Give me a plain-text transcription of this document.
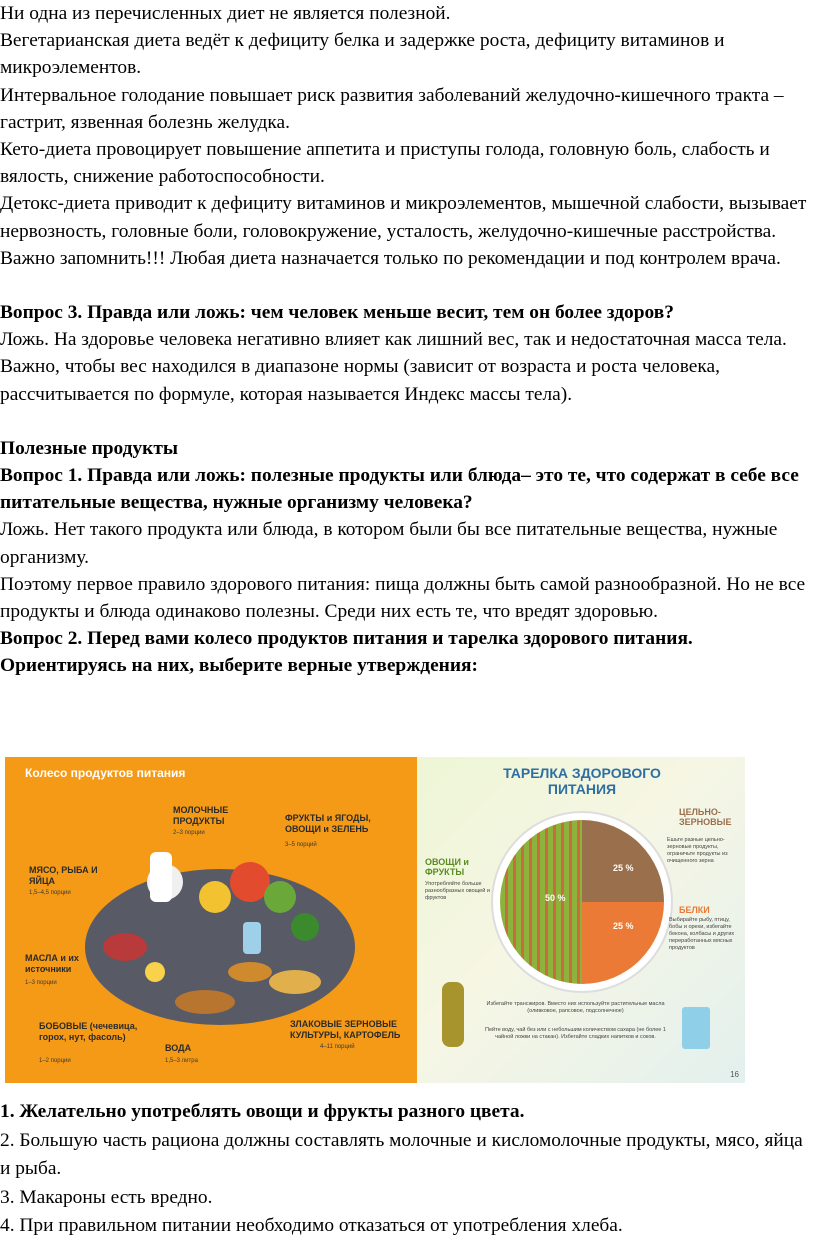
Ни одна из перечисленных диет не является полезной.

Вегетарианская диета ведёт к дефициту белка и задержке роста, дефициту витаминов и микроэлементов.

Интервальное голодание повышает риск развития заболеваний желудочно-кишечного тракта – гастрит, язвенная болезнь желудка.

Кето-диета провоцирует повышение аппетита и приступы голода, головную боль, слабость и вялость, снижение работоспособности.

Детокс-диета приводит к дефициту витаминов и микроэлементов, мышечной слабости, вызывает нервозность, головные боли, головокружение, усталость, желудочно-кишечные расстройства.

Важно запомнить!!! Любая диета назначается только по рекомендации и под контролем врача.

Вопрос 3. Правда или ложь: чем человек меньше весит, тем он более здоров?

Ложь. На здоровье человека негативно влияет как лишний вес, так и недостаточная масса тела. Важно, чтобы вес находился в диапазоне нормы (зависит от возраста и роста человека, рассчитывается по формуле, которая называется Индекс массы тела).

Полезные продукты

Вопрос 1. Правда или ложь: полезные продукты или блюда– это те, что содержат в себе все питательные вещества, нужные организму человека?

Ложь. Нет такого продукта или блюда, в котором были бы все питательные вещества, нужные организму.

Поэтому первое правило здорового питания: пища должны быть самой разнообразной. Но не все продукты и блюда одинаково полезны. Среди них есть те, что вредят здоровью.

Вопрос 2. Перед вами колесо продуктов питания и тарелка здорового питания. Ориентируясь на них, выберите верные утверждения:

Колесо продуктов питания
МОЛОЧНЫЕ ПРОДУКТЫ
2–3 порции
ФРУКТЫ и ЯГОДЫ, ОВОЩИ и ЗЕЛЕНЬ
3–5 порций
МЯСО, РЫБА И ЯЙЦА
1,5–4,5 порции
МАСЛА и их источники
1–3 порции
БОБОВЫЕ (чечевица, горох, нут, фасоль)
1–2 порции
ВОДА
1,5–3 литра
ЗЛАКОВЫЕ ЗЕРНОВЫЕ КУЛЬТУРЫ, КАРТОФЕЛЬ
4–11 порций
ТАРЕЛКА ЗДОРОВОГО ПИТАНИЯ
50 %
25 %
25 %
ОВОЩИ и ФРУКТЫ
Употребляйте больше разнообразных овощей и фруктов
ЦЕЛЬНО-ЗЕРНОВЫЕ
Ешьте разные цельно-зерновые продукты, ограничьте продукты из очищенного зерна
БЕЛКИ
Выбирайте рыбу, птицу, бобы и орехи, избегайте бекона, колбасы и других переработанных мясных продуктов
Избегайте трансжиров. Вместо них используйте растительные масла (оливковое, рапсовое, подсолнечное)
Пейте воду, чай без или с небольшим количеством сахара (не более 1 чайной ложки на стакан). Избегайте сладких напитков и соков.
16

1. Желательно употреблять овощи и фрукты разного цвета.

2. Большую часть рациона должны составлять молочные и кисломолочные продукты, мясо, яйца и рыба.

3. Макароны есть вредно.

4. При правильном питании необходимо отказаться от употребления хлеба.
